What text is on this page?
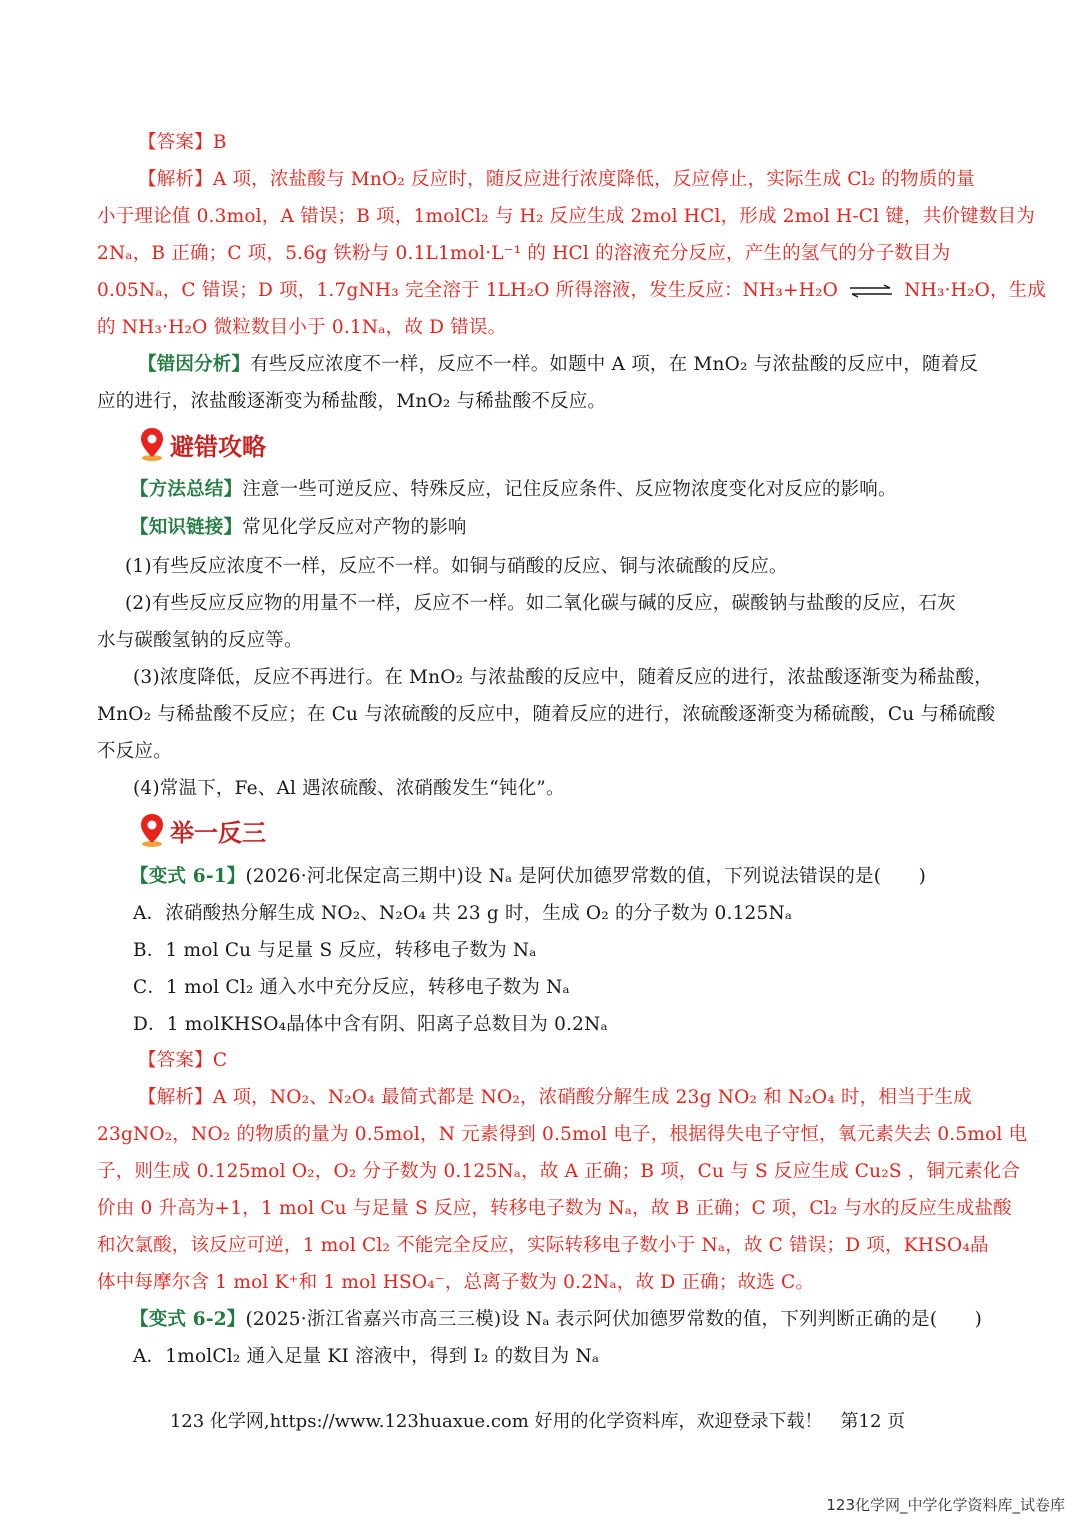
【答案】B
【解析】A 项，浓盐酸与 MnO₂ 反应时，随反应进行浓度降低，反应停止，实际生成 Cl₂ 的物质的量
小于理论值 0.3mol，A 错误；B 项，1molCl₂ 与 H₂ 反应生成 2mol HCl，形成 2mol H-Cl 键，共价键数目为
2Nₐ，B 正确；C 项，5.6g 铁粉与 0.1L1mol·L⁻¹ 的 HCl 的溶液充分反应，产生的氢气的分子数目为
0.05Nₐ，C 错误；D 项，1.7gNH₃ 完全溶于 1LH₂O 所得溶液，发生反应：NH₃+H₂O ⇌ NH₃·H₂O，生成
的 NH₃·H₂O 微粒数目小于 0.1Nₐ，故 D 错误。
【错因分析】有些反应浓度不一样，反应不一样。如题中 A 项，在 MnO₂ 与浓盐酸的反应中，随着反
应的进行，浓盐酸逐渐变为稀盐酸，MnO₂ 与稀盐酸不反应。
避错攻略
【方法总结】注意一些可逆反应、特殊反应，记住反应条件、反应物浓度变化对反应的影响。
【知识链接】常见化学反应对产物的影响
(1)有些反应浓度不一样，反应不一样。如铜与硝酸的反应、铜与浓硫酸的反应。
(2)有些反应反应物的用量不一样，反应不一样。如二氧化碳与碱的反应，碳酸钠与盐酸的反应，石灰
水与碳酸氢钠的反应等。
(3)浓度降低，反应不再进行。在 MnO₂ 与浓盐酸的反应中，随着反应的进行，浓盐酸逐渐变为稀盐酸，
MnO₂ 与稀盐酸不反应；在 Cu 与浓硫酸的反应中，随着反应的进行，浓硫酸逐渐变为稀硫酸，Cu 与稀硫酸
不反应。
(4)常温下，Fe、Al 遇浓硫酸、浓硝酸发生“钝化”。
举一反三
【变式 6-1】(2026·河北保定高三期中)设 Nₐ 是阿伏加德罗常数的值，下列说法错误的是(　　)
A．浓硝酸热分解生成 NO₂、N₂O₄ 共 23 g 时，生成 O₂ 的分子数为 0.125Nₐ
B．1 mol Cu 与足量 S 反应，转移电子数为 Nₐ
C．1 mol Cl₂ 通入水中充分反应，转移电子数为 Nₐ
D．1 molKHSO₄晶体中含有阴、阳离子总数目为 0.2Nₐ
【答案】C
【解析】A 项，NO₂、N₂O₄ 最简式都是 NO₂，浓硝酸分解生成 23g NO₂ 和 N₂O₄ 时，相当于生成
23gNO₂，NO₂ 的物质的量为 0.5mol，N 元素得到 0.5mol 电子，根据得失电子守恒，氧元素失去 0.5mol 电
子，则生成 0.125mol O₂，O₂ 分子数为 0.125Nₐ，故 A 正确；B 项，Cu 与 S 反应生成 Cu₂S ，铜元素化合
价由 0 升高为+1，1 mol Cu 与足量 S 反应，转移电子数为 Nₐ，故 B 正确；C 项，Cl₂ 与水的反应生成盐酸
和次氯酸，该反应可逆，1 mol Cl₂ 不能完全反应，实际转移电子数小于 Nₐ，故 C 错误；D 项，KHSO₄晶
体中每摩尔含 1 mol K⁺和 1 mol HSO₄⁻，总离子数为 0.2Nₐ，故 D 正确；故选 C。
【变式 6-2】(2025·浙江省嘉兴市高三三模)设 Nₐ 表示阿伏加德罗常数的值，下列判断正确的是(　　)
A．1molCl₂ 通入足量 KI 溶液中，得到 I₂ 的数目为 Nₐ
123 化学网,https://www.123huaxue.com 好用的化学资料库，欢迎登录下载！　第12 页
123化学网_中学化学资料库_试卷库
